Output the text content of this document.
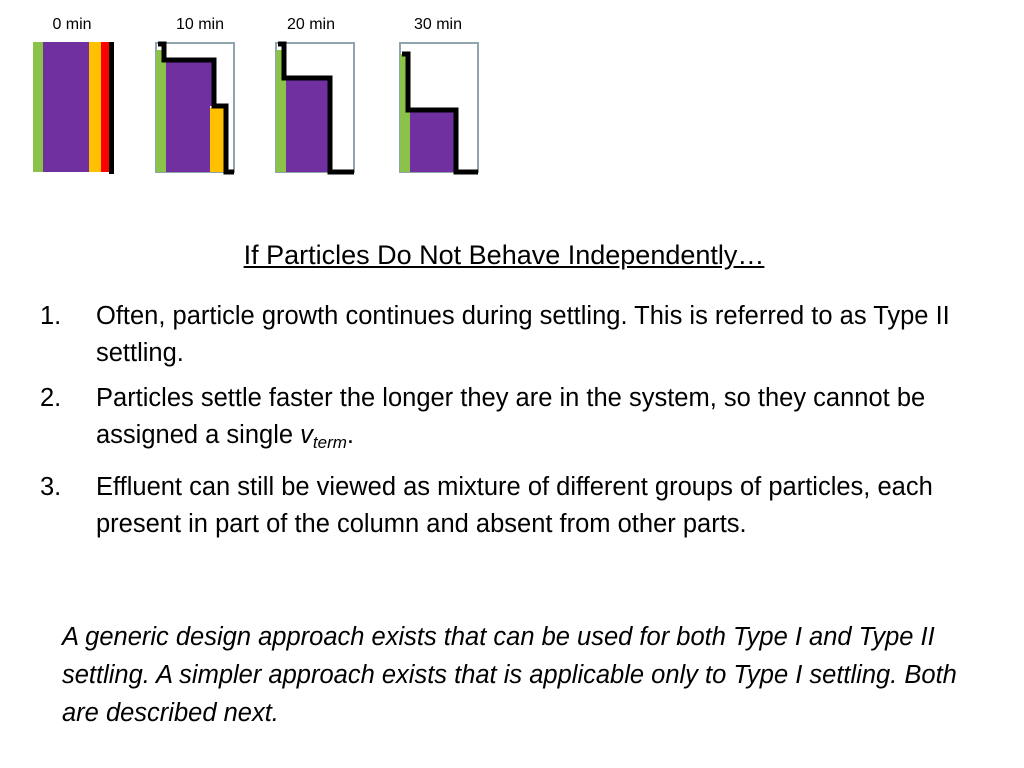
0 min	10 min	20 min	30 min
If Particles Do Not Behave Independently…
1. Often, particle growth continues during settling. This is referred to as Type II settling.
2. Particles settle faster the longer they are in the system, so they cannot be assigned a single $v_{term}$.
3. Effluent can still be viewed as mixture of different groups of particles, each present in part of the column and absent from other parts.
A generic design approach exists that can be used for both Type I and Type II settling. A simpler approach exists that is applicable only to Type I settling. Both are described next.
